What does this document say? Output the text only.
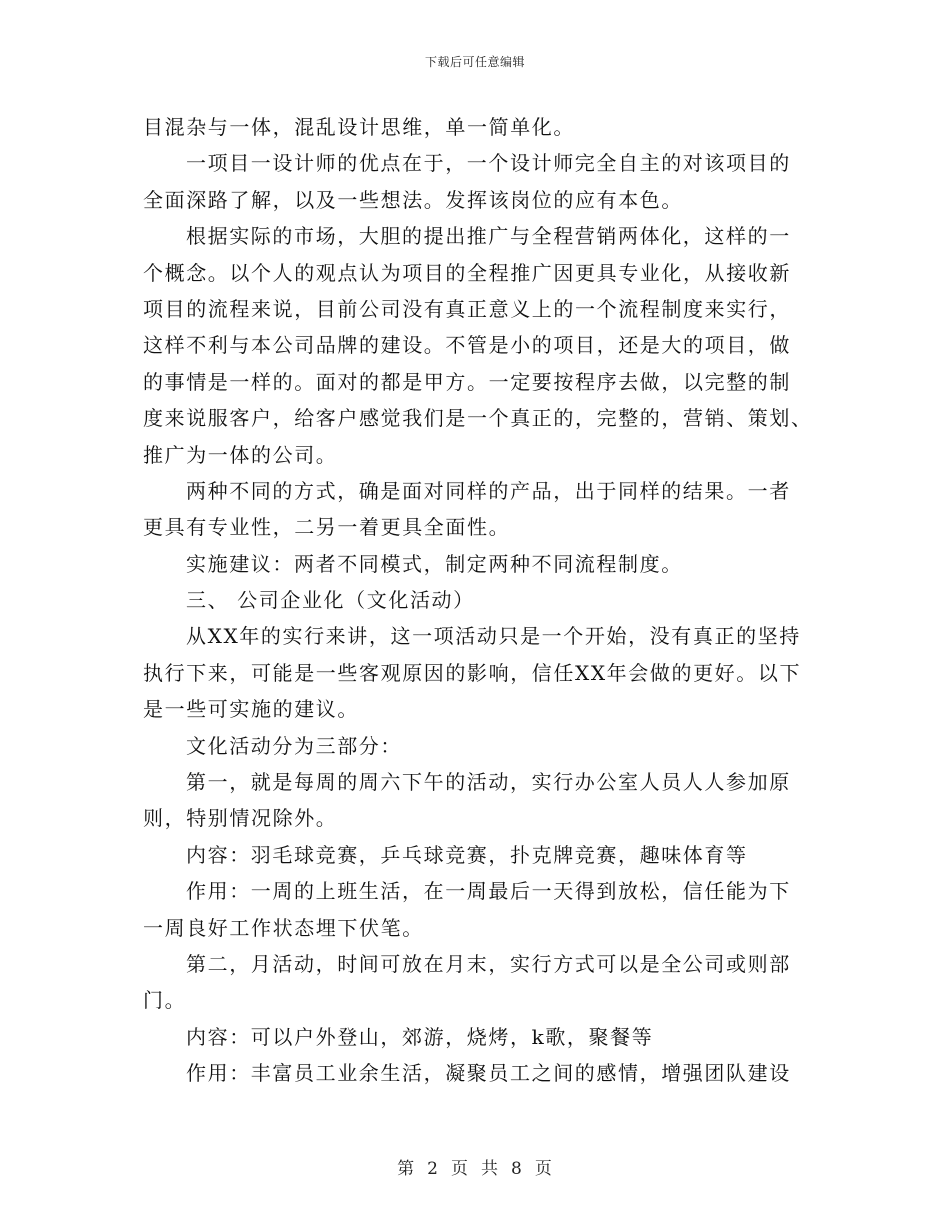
下载后可任意编辑
目混杂与一体，混乱设计思维，单一简单化。
一项目一设计师的优点在于，一个设计师完全自主的对该项目的
全面深路了解，以及一些想法。发挥该岗位的应有本色。
根据实际的市场，大胆的提出推广与全程营销两体化，这样的一
个概念。以个人的观点认为项目的全程推广因更具专业化，从接收新
项目的流程来说，目前公司没有真正意义上的一个流程制度来实行，
这样不利与本公司品牌的建设。不管是小的项目，还是大的项目，做
的事情是一样的。面对的都是甲方。一定要按程序去做，以完整的制
度来说服客户，给客户感觉我们是一个真正的，完整的，营销、策划、
推广为一体的公司。
两种不同的方式，确是面对同样的产品，出于同样的结果。一者
更具有专业性，二另一着更具全面性。
实施建议：两者不同模式，制定两种不同流程制度。
三、 公司企业化（文化活动）
从XX年的实行来讲，这一项活动只是一个开始，没有真正的坚持
执行下来，可能是一些客观原因的影响，信任XX年会做的更好。以下
是一些可实施的建议。
文化活动分为三部分：
第一，就是每周的周六下午的活动，实行办公室人员人人参加原
则，特别情况除外。
内容：羽毛球竞赛，乒乓球竞赛，扑克牌竞赛，趣味体育等
作用：一周的上班生活，在一周最后一天得到放松，信任能为下
一周良好工作状态埋下伏笔。
第二，月活动，时间可放在月末，实行方式可以是全公司或则部
门。
内容：可以户外登山，郊游，烧烤，k歌，聚餐等
作用：丰富员工业余生活，凝聚员工之间的感情，增强团队建设
第 2 页 共 8 页
